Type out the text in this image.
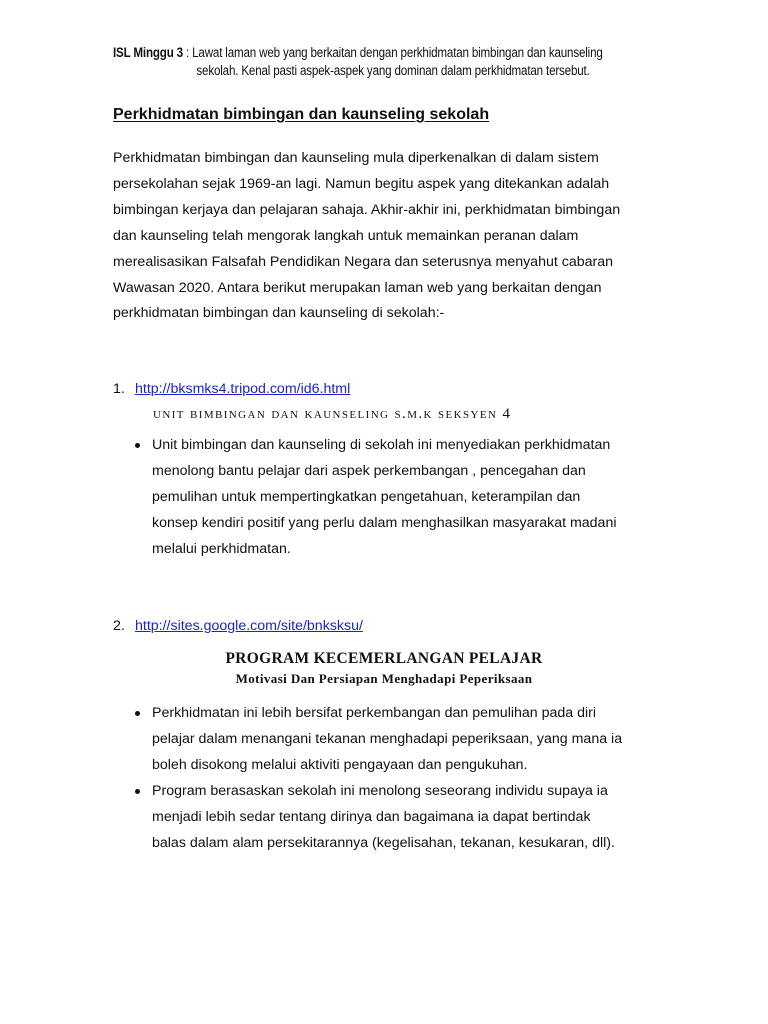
ISL Minggu 3 : Lawat laman web yang berkaitan dengan perkhidmatan bimbingan dan kaunseling
sekolah. Kenal pasti aspek-aspek yang dominan dalam perkhidmatan tersebut.
Perkhidmatan bimbingan dan kaunseling sekolah
Perkhidmatan bimbingan dan kaunseling mula diperkenalkan di dalam sistem
persekolahan sejak 1969-an lagi. Namun begitu aspek yang ditekankan adalah
bimbingan kerjaya dan pelajaran sahaja. Akhir-akhir ini, perkhidmatan bimbingan
dan kaunseling telah mengorak langkah untuk memainkan peranan dalam
merealisasikan Falsafah Pendidikan Negara dan seterusnya menyahut cabaran
Wawasan 2020. Antara berikut merupakan laman web yang berkaitan dengan
perkhidmatan bimbingan dan kaunseling di sekolah:-
1. http://bksmks4.tripod.com/id6.html
unit bimbingan dan kaunseling s.m.k seksyen 4
Unit bimbingan dan kaunseling di sekolah ini menyediakan perkhidmatan
menolong bantu pelajar dari aspek perkembangan , pencegahan dan
pemulihan untuk mempertingkatkan pengetahuan, keterampilan dan
konsep kendiri positif yang perlu dalam menghasilkan masyarakat madani
melalui perkhidmatan.
2. http://sites.google.com/site/bnksksu/
PROGRAM KECEMERLANGAN PELAJAR
Motivasi Dan Persiapan Menghadapi Peperiksaan
Perkhidmatan ini lebih bersifat perkembangan dan pemulihan pada diri
pelajar dalam menangani tekanan menghadapi peperiksaan, yang mana ia
boleh disokong melalui aktiviti pengayaan dan pengukuhan.
Program berasaskan sekolah ini menolong seseorang individu supaya ia
menjadi lebih sedar tentang dirinya dan bagaimana ia dapat bertindak
balas dalam alam persekitarannya (kegelisahan, tekanan, kesukaran, dll).
